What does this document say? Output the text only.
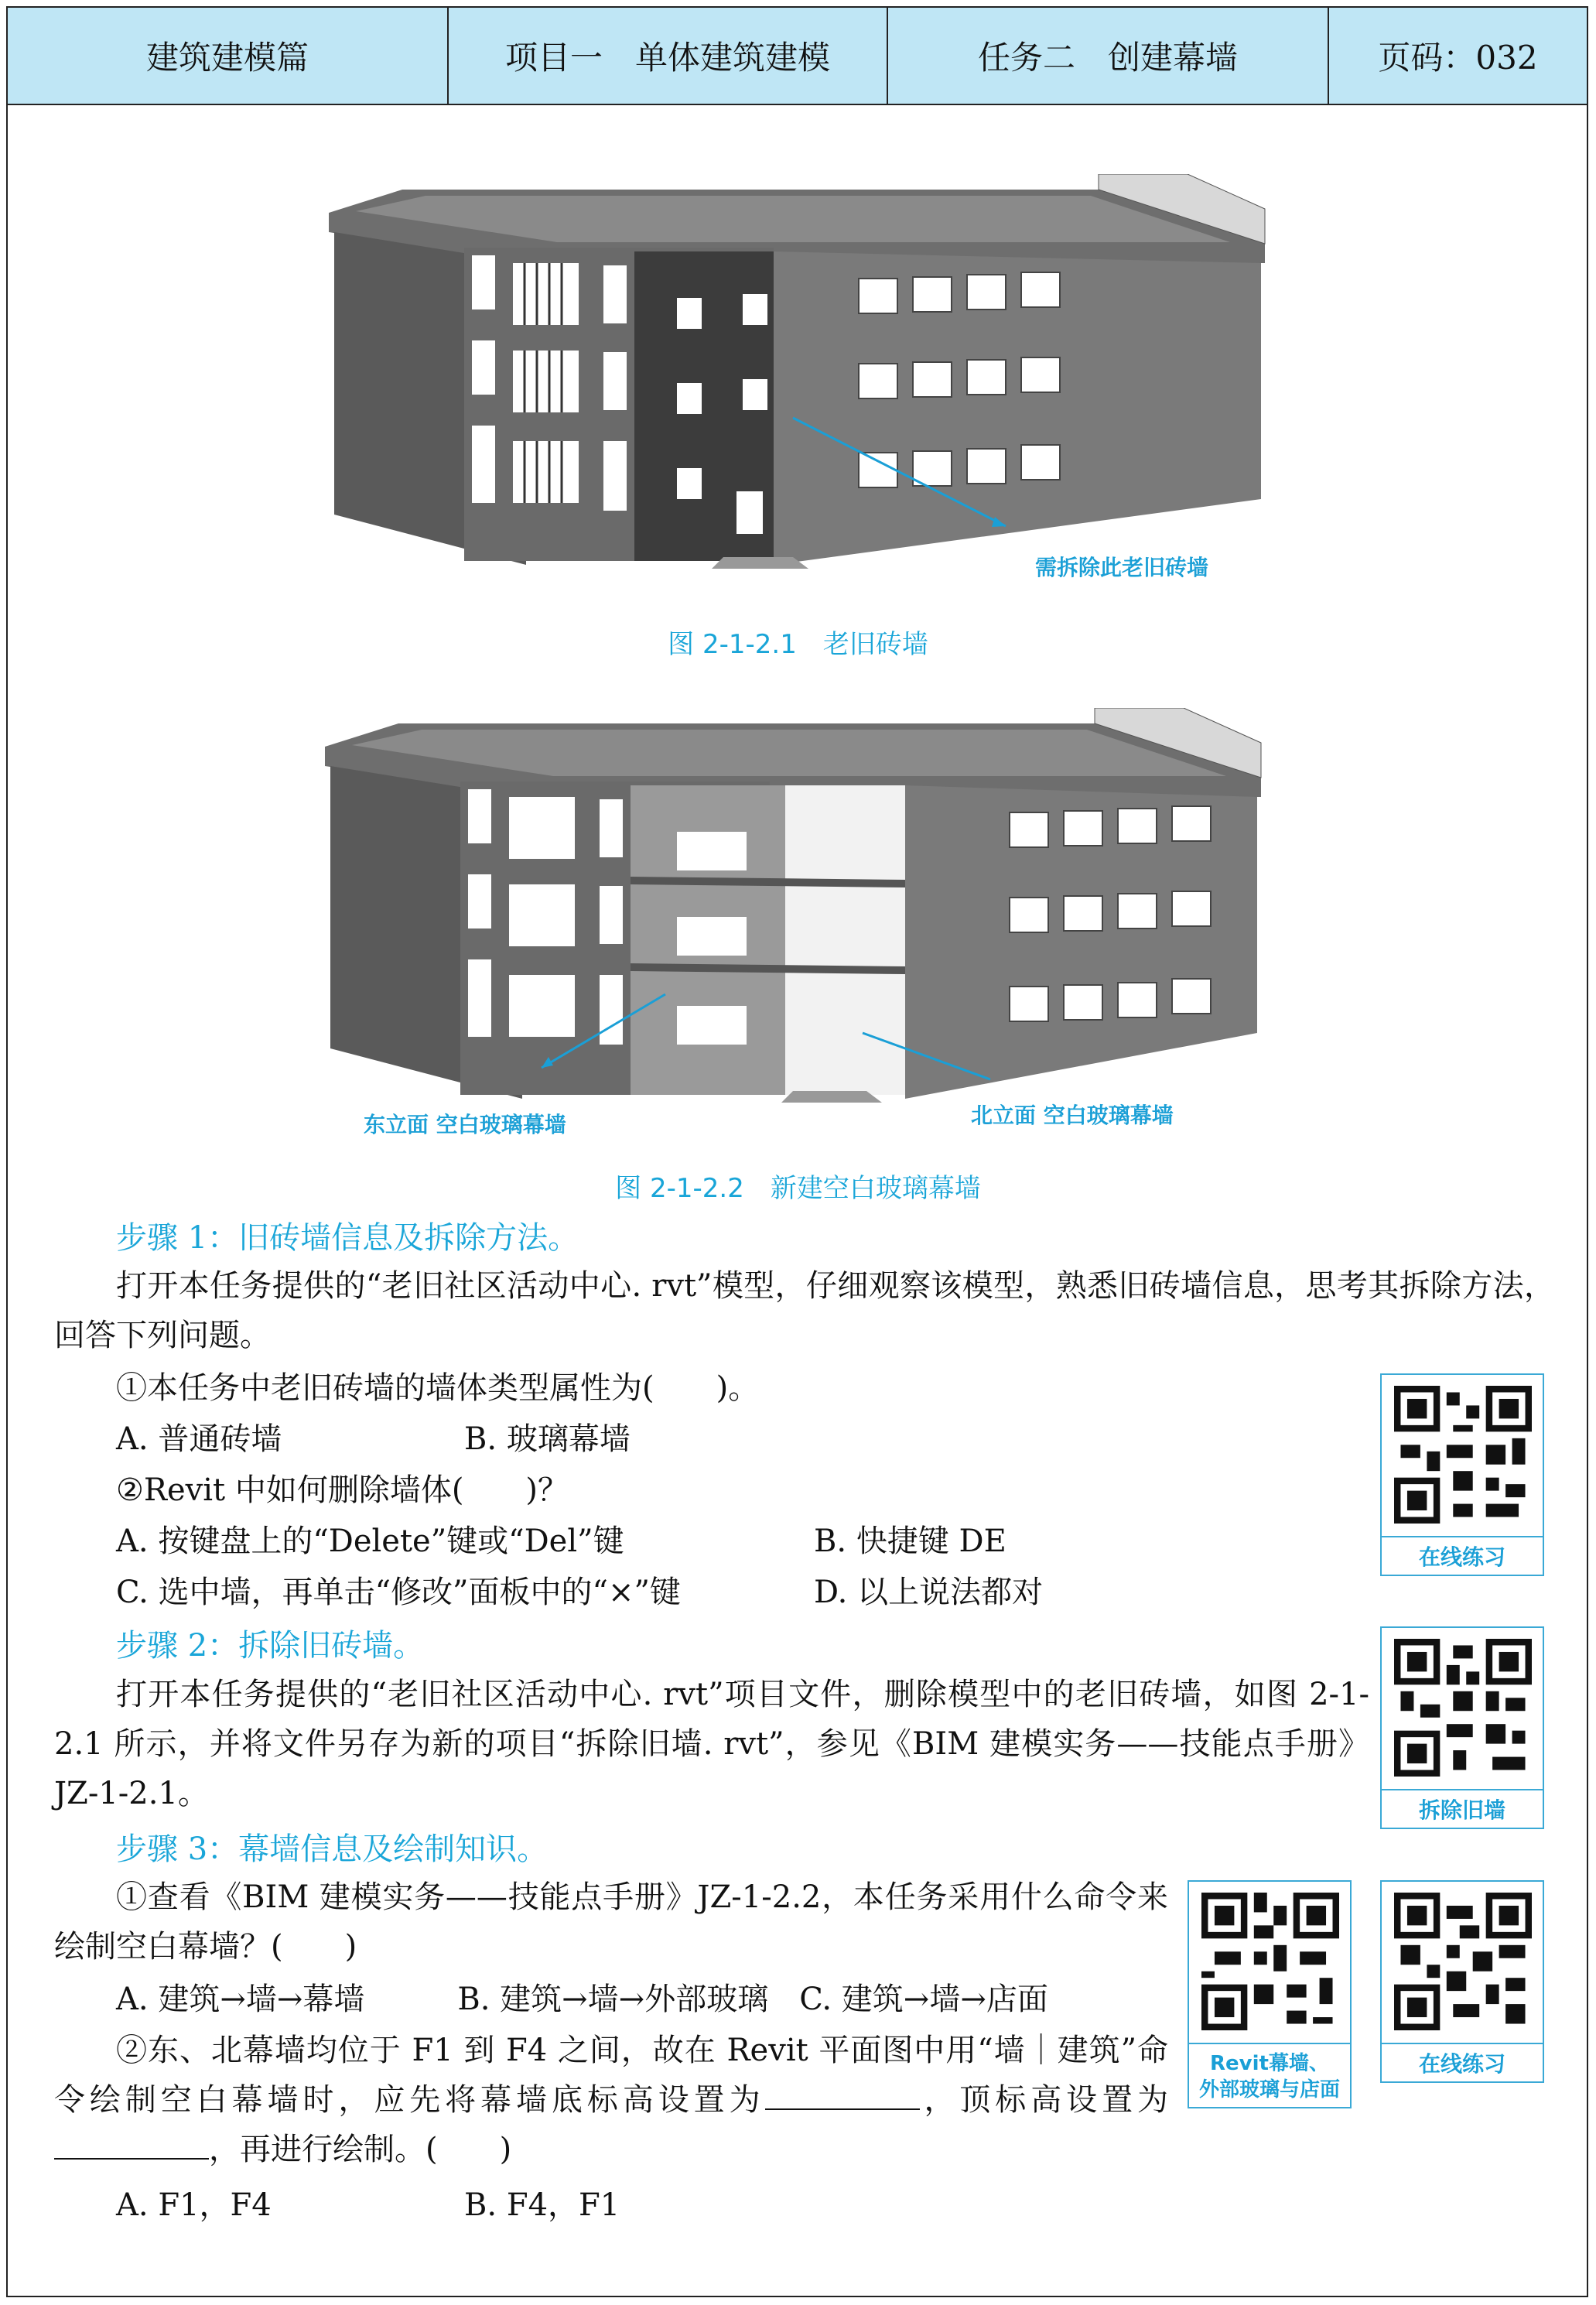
建筑建模篇	项目一　单体建筑建模	任务二　创建幕墙	页码：032
需拆除此老旧砖墙
图 2-1-2.1　老旧砖墙
东立面 空白玻璃幕墙	北立面 空白玻璃幕墙
图 2-1-2.2　新建空白玻璃幕墙
步骤 1：旧砖墙信息及拆除方法。
打开本任务提供的“老旧社区活动中心. rvt”模型，仔细观察该模型，熟悉旧砖墙信息，思考其拆除方法，回答下列问题。
①本任务中老旧砖墙的墙体类型属性为(　　)。
A. 普通砖墙	B. 玻璃幕墙
②Revit 中如何删除墙体(　　)？
A. 按键盘上的“Delete”键或“Del”键	B. 快捷键 DE
C. 选中墙，再单击“修改”面板中的“×”键	D. 以上说法都对
步骤 2：拆除旧砖墙。
打开本任务提供的“老旧社区活动中心. rvt”项目文件，删除模型中的老旧砖墙，如图 2-1-2.1 所示，并将文件另存为新的项目“拆除旧墙. rvt”，参见《BIM 建模实务——技能点手册》JZ-1-2.1。
步骤 3：幕墙信息及绘制知识。
①查看《BIM 建模实务——技能点手册》JZ-1-2.2，本任务采用什么命令来绘制空白幕墙？(　　)
A. 建筑→墙→幕墙　　　B. 建筑→墙→外部玻璃　C. 建筑→墙→店面
②东、北幕墙均位于 F1 到 F4 之间，故在 Revit 平面图中用“墙｜建筑”命令绘制空白幕墙时，应先将幕墙底标高设置为	，顶标高设置为，再进行绘制。(　　)
A. F1，F4	B. F4，F1
在线练习
拆除旧墙
Revit幕墙、
外部玻璃与店面
在线练习
